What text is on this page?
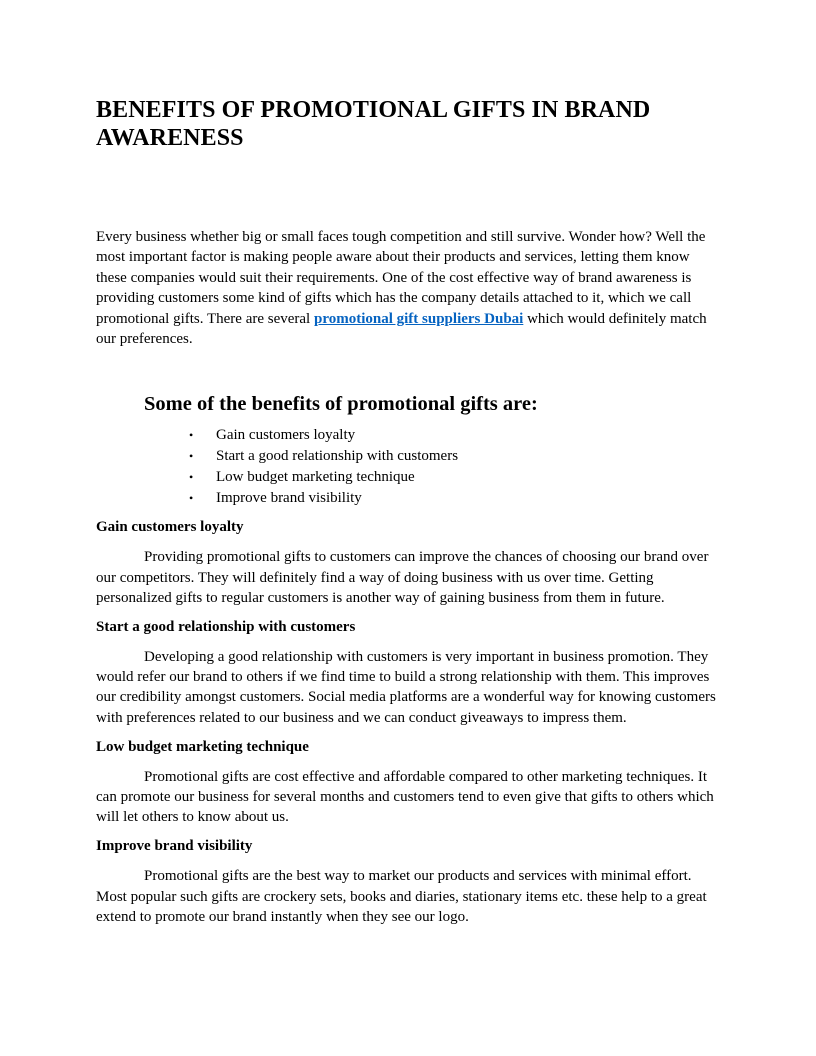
BENEFITS OF PROMOTIONAL GIFTS IN BRAND AWARENESS

Every business whether big or small faces tough competition and still survive. Wonder how? Well the most important factor is making people aware about their products and services, letting them know these companies would suit their requirements. One of the cost effective way of brand awareness is providing customers some kind of gifts which has the company details attached to it, which we call promotional gifts. There are several promotional gift suppliers Dubai which would definitely match our preferences.

Some of the benefits of promotional gifts are:
• Gain customers loyalty
• Start a good relationship with customers
• Low budget marketing technique
• Improve brand visibility
Gain customers loyalty

Providing promotional gifts to customers can improve the chances of choosing our brand over our competitors. They will definitely find a way of doing business with us over time. Getting personalized gifts to regular customers is another way of gaining business from them in future.

Start a good relationship with customers

Developing a good relationship with customers is very important in business promotion. They would refer our brand to others if we find time to build a strong relationship with them. This improves our credibility amongst customers. Social media platforms are a wonderful way for knowing customers with preferences related to our business and we can conduct giveaways to impress them.

Low budget marketing technique

Promotional gifts are cost effective and affordable compared to other marketing techniques. It can promote our business for several months and customers tend to even give that gifts to others which will let others to know about us.

Improve brand visibility

Promotional gifts are the best way to market our products and services with minimal effort. Most popular such gifts are crockery sets, books and diaries, stationary items etc. these help to a great extend to promote our brand instantly when they see our logo.
